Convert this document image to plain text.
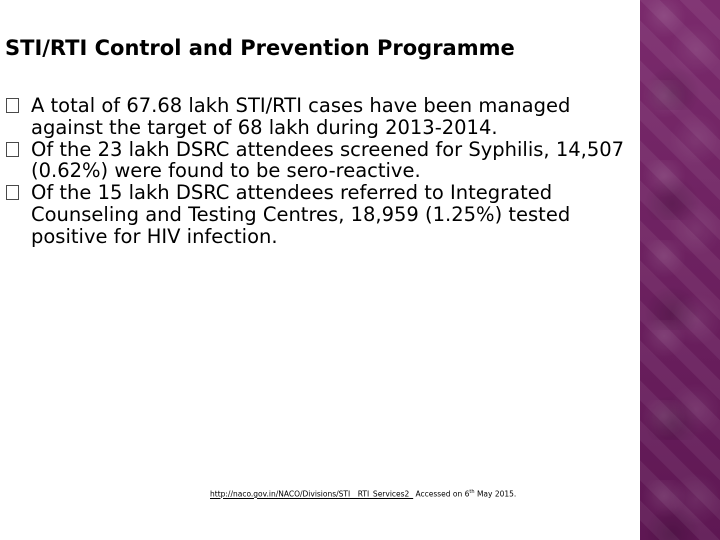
STI/RTI Control and Prevention Programme
A total of 67.68 lakh STI/RTI cases have been managed against the target of 68 lakh during 2013-2014.
Of the 23 lakh DSRC attendees screened for Syphilis, 14,507 (0.62%) were found to be sero-reactive.
Of the 15 lakh DSRC attendees referred to Integrated Counseling and Testing Centres, 18,959 (1.25%) tested positive for HIV infection.
http://naco.gov.in/NACO/Divisions/STI__RTI_Services2_ Accessed on 6th May 2015.
